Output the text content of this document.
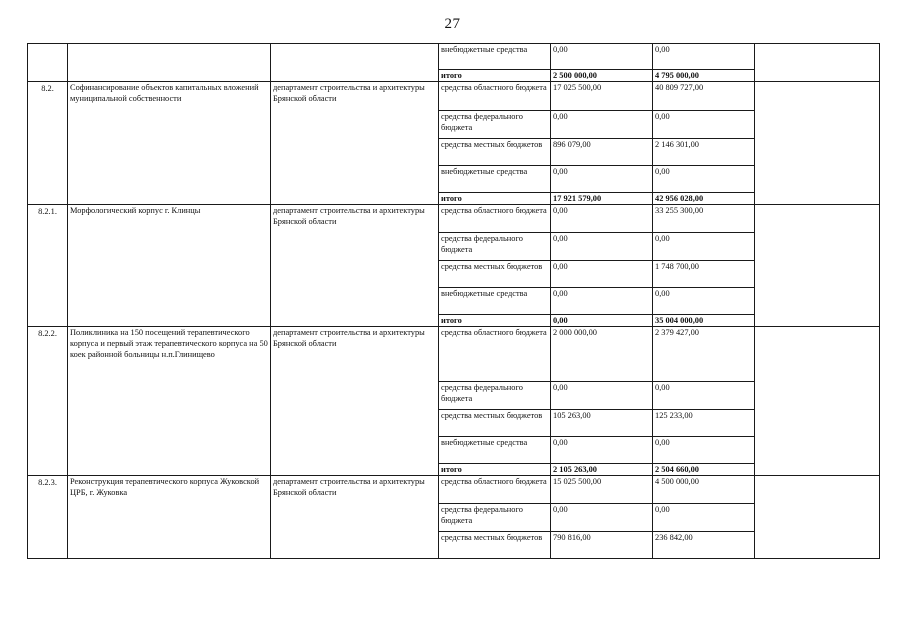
27
			внебюджетные средства	0,00	0,00	
			итого	2 500 000,00	4 795 000,00	
8.2.	Софинансирование объектов капитальных вложений муниципальной собственности	департамент строительства и архитектуры Брянской области	средства областного бюджета	17 025 500,00	40 809 727,00	
			средства федерального бюджета	0,00	0,00	
			средства местных бюджетов	896 079,00	2 146 301,00	
			внебюджетные средства	0,00	0,00	
			итого	17 921 579,00	42 956 028,00	
8.2.1.	Морфологический корпус г. Клинцы	департамент строительства и архитектуры Брянской области	средства областного бюджета	0,00	33 255 300,00	
			средства федерального бюджета	0,00	0,00	
			средства местных бюджетов	0,00	1 748 700,00	
			внебюджетные средства	0,00	0,00	
			итого	0,00	35 004 000,00	
8.2.2.	Поликлиника на 150 посещений терапевтического корпуса и первый этаж терапевтического корпуса на 50 коек районной больницы н.п.Глинищево	департамент строительства и архитектуры Брянской области	средства областного бюджета	2 000 000,00	2 379 427,00	
			средства федерального бюджета	0,00	0,00	
			средства местных бюджетов	105 263,00	125 233,00	
			внебюджетные средства	0,00	0,00	
			итого	2 105 263,00	2 504 660,00	
8.2.3.	Реконструкция терапевтического корпуса Жуковской ЦРБ, г. Жуковка	департамент строительства и архитектуры Брянской области	средства областного бюджета	15 025 500,00	4 500 000,00	
			средства федерального бюджета	0,00	0,00	
			средства местных бюджетов	790 816,00	236 842,00	
